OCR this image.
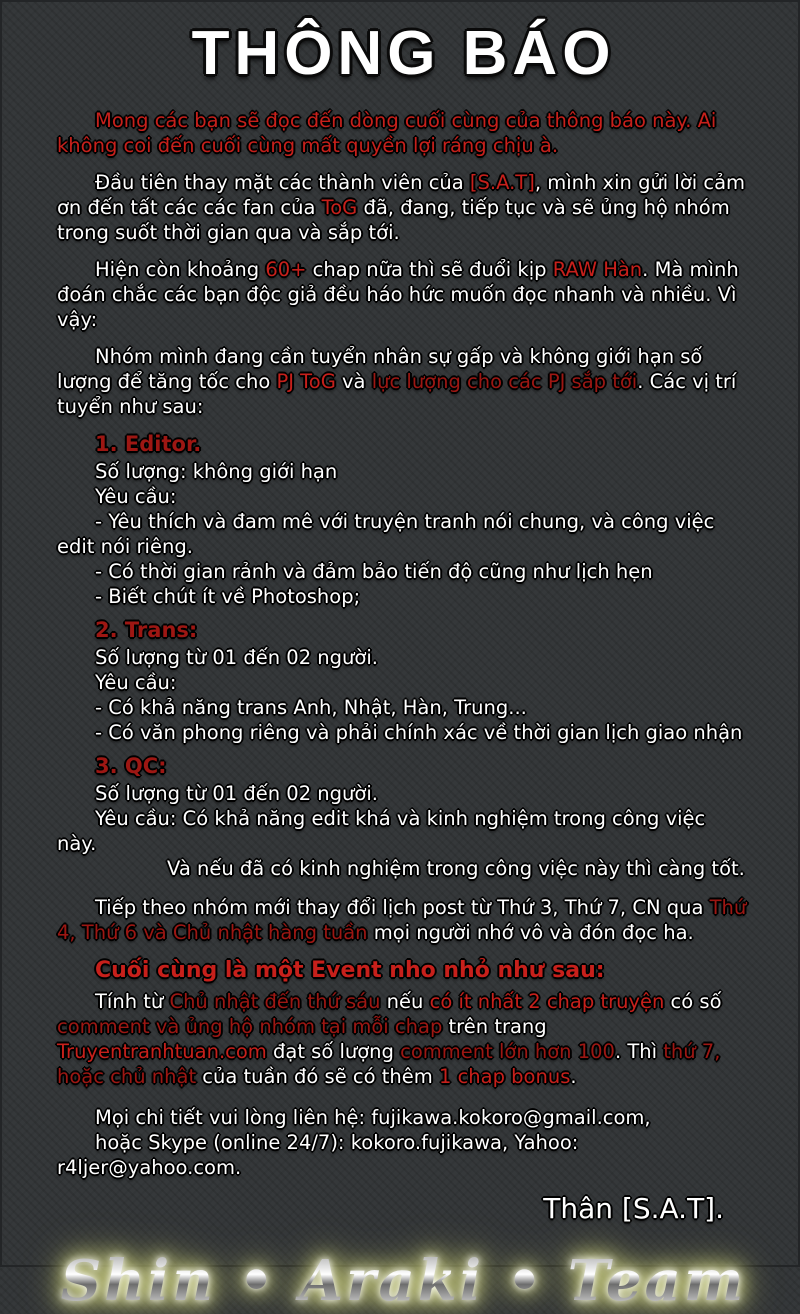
THÔNG BÁO

Mong các bạn sẽ đọc đến dòng cuối cùng của thông báo này. Ai không coi đến cuối cùng mất quyền lợi ráng chịu à.

Đầu tiên thay mặt các thành viên của [S.A.T], mình xin gửi lời cảm ơn đến tất các các fan của ToG đã, đang, tiếp tục và sẽ ủng hộ nhóm trong suốt thời gian qua và sắp tới.

Hiện còn khoảng 60+ chap nữa thì sẽ đuổi kịp RAW Hàn. Mà mình đoán chắc các bạn độc giả đều háo hức muốn đọc nhanh và nhiều. Vì vậy:

Nhóm mình đang cần tuyển nhân sự gấp và không giới hạn số lượng để tăng tốc cho PJ ToG và lực lượng cho các PJ sắp tới. Các vị trí tuyển như sau:

1. Editor.
Số lượng: không giới hạn
Yêu cầu:
- Yêu thích và đam mê với truyện tranh nói chung, và công việc edit nói riêng.
- Có thời gian rảnh và đảm bảo tiến độ cũng như lịch hẹn
- Biết chút ít về Photoshop;
2. Trans:
Số lượng từ 01 đến 02 người.
Yêu cầu:
- Có khả năng trans Anh, Nhật, Hàn, Trung...
- Có văn phong riêng và phải chính xác về thời gian lịch giao nhận
3. QC:
Số lượng từ 01 đến 02 người.
Yêu cầu: Có khả năng edit khá và kinh nghiệm trong công việc này.
Và nếu đã có kinh nghiệm trong công việc này thì càng tốt.

Tiếp theo nhóm mới thay đổi lịch post từ Thứ 3, Thứ 7, CN qua Thứ 4, Thứ 6 và Chủ nhật hàng tuần mọi người nhớ vô và đón đọc ha.

Cuối cùng là một Event nho nhỏ như sau:

Tính từ Chủ nhật đến thứ sáu nếu có ít nhất 2 chap truyện có số comment và ủng hộ nhóm tại mỗi chap trên trang Truyentranhtuan.com đạt số lượng comment lớn hơn 100. Thì thứ 7, hoặc chủ nhật của tuần đó sẽ có thêm 1 chap bonus.

Mọi chi tiết vui lòng liên hệ: fujikawa.kokoro@gmail.com,
hoặc Skype (online 24/7): kokoro.fujikawa, Yahoo: r4ljer@yahoo.com.
Thân [S.A.T].
Shin • Araki • Team
